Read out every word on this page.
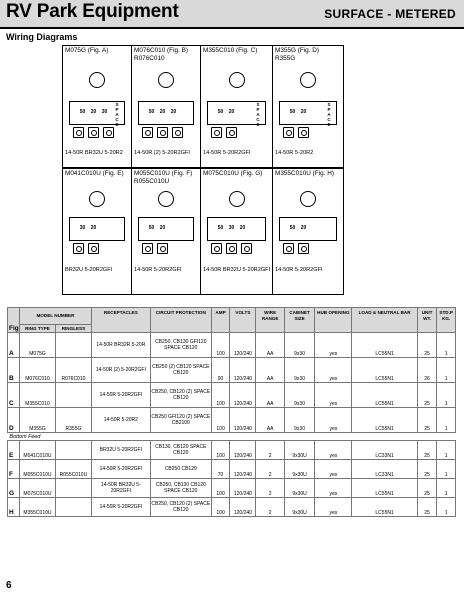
RV Park Equipment	SURFACE - METERED
Wiring Diagrams
M075G (Fig. A)
50	20	30
S
P
A
C
E
14-50R BR32U 5-20R2
M076C010 (Fig. B) R076C010
50	20	20
14-50R (2) 5-20R2GFI
M355C010 (Fig. C)
50	20
S
P
A
C
E
14-50R 5-20R2GFI
M355G (Fig. D) R355G
50	20
S
P
A
C
E
14-50R 5-20R2
M041C010U (Fig. E)
30	20
BR32U 5-20R2GFI
M055C010U (Fig. F) R055C010U
50	20
14-50R 5-20R2GFI
M075C010U (Fig. G)
50	30	20
14-50R BR32U 5-20R2GFI
M355C010U (Fig. H)
50	20
14-50R 5-20R2GFI
Fig	MODEL NUMBER		RECEPTACLES	CIRCUIT PROTECTION	AMP	VOLTS	WIRE RANGE	CABINET SIZE	HUB OPENING	LOAD & NEUTRAL BAR	UNIT WT.	STD.P KG.
	RING TYPE	RINGLESS										
A	M075G		14-50R BR32R 5-20R	CB250, CB130 GFI120 SPACE CB120	100	120/240	AA	9x30	yes	LC55N1	25	1
B	M076C010	R076C010	14-50R (2) 5-20R2GFI	CB250 (2) CB120 SPACE CB120	90	120/240	AA	9x30	yes	LC55N1	26	1
C	M355C010		14-50R 5-20R2GFI	CB250, CB120 (2) SPACE CB120	100	120/240	AA	9x30	yes	LC55N1	25	1
D	M355G	R355G	14-50R 5-20R2	CB250 GFI120 (2) SPACE CB2100	100	120/240	AA	9x30	yes	LC55N1	25	1
Bottom Feed												
E	M041C010U		BR32U 5-20R2GFI	CB130, CB120 SPACE CB120	100	120/240	2	9x30U	yes	LC33N1	25	1
F	M055C010U	R055C010U	14-50R 5-20R2GFI	CB250 CB120	70	120/240	2	9x30U	yes	LC33N1	25	1
G	M075C010U		14-50R BR32U 5-20R2GFI	CB250, CB130 CB120 SPACE CB120	100	120/240	2	9x30U	yes	LC55N1	25	1
H	M355C010U		14-50R 5-20R2GFI	CB250, CB120 (2) SPACE CB120	100	120/240	2	9x30U	yes	LC55N1	25	1
6
